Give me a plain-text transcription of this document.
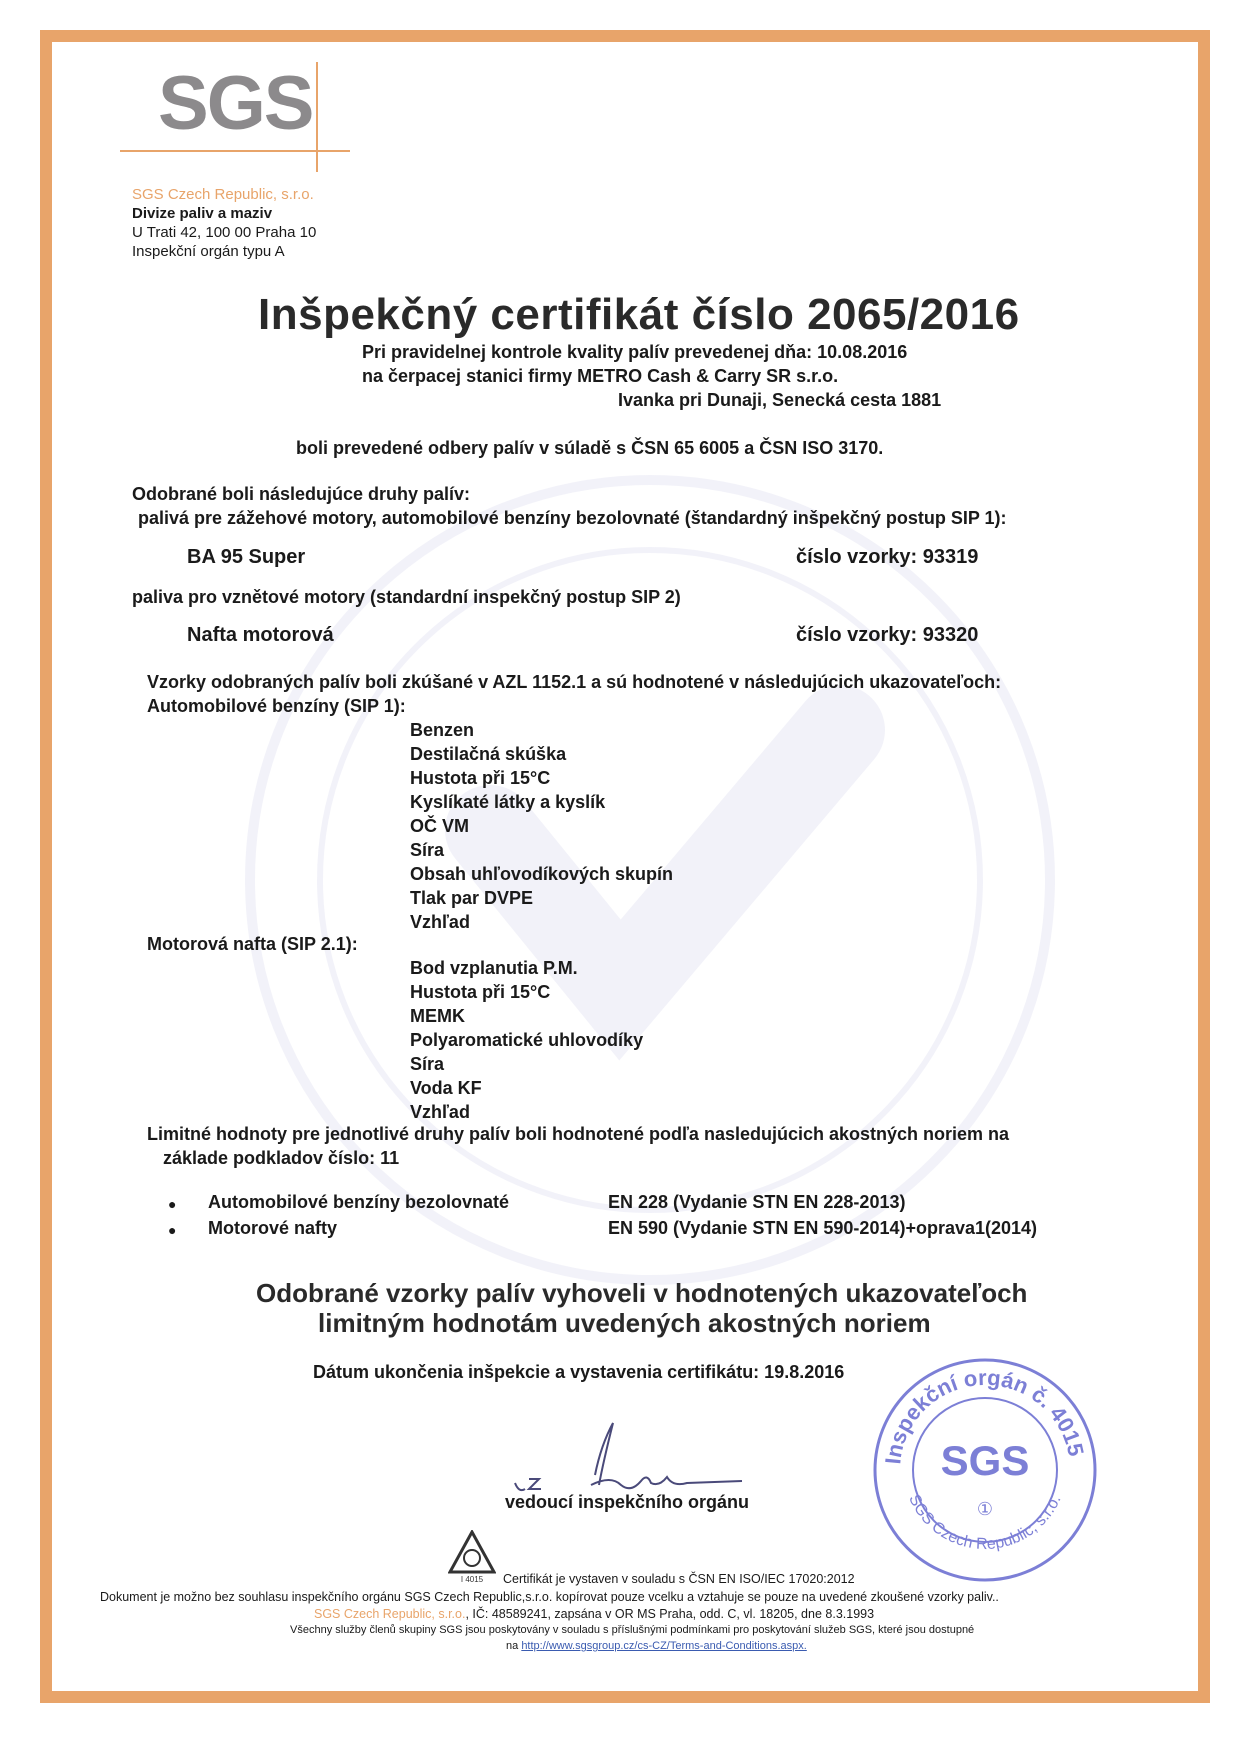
SGS
SGS Czech Republic, s.r.o.
Divize paliv a maziv
U Trati 42, 100 00 Praha 10
Inspekční orgán typu A
Inšpekčný certifikát číslo 2065/2016
Pri pravidelnej kontrole kvality palív prevedenej dňa: 10.08.2016
na čerpacej stanici firmy METRO Cash & Carry SR s.r.o.
Ivanka pri Dunaji, Senecká cesta 1881
boli prevedené odbery palív v súladě s ČSN 65 6005 a ČSN ISO 3170.
Odobrané boli následujúce druhy palív:
palivá pre zážehové motory, automobilové benzíny bezolovnaté (štandardný inšpekčný postup SIP 1):
BA 95 Super	číslo vzorky: 93319
paliva pro vznětové motory (standardní inspekčný postup SIP 2)
Nafta motorová	číslo vzorky: 93320
Vzorky odobraných palív boli zkúšané v AZL 1152.1 a sú hodnotené v následujúcich ukazovateľoch:
Automobilové benzíny (SIP 1):
Benzen
Destilačná skúška
Hustota při 15°C
Kyslíkaté látky a kyslík
OČ VM
Síra
Obsah uhľovodíkových skupín
Tlak par DVPE
Vzhľad
Motorová nafta (SIP 2.1):
Bod vzplanutia P.M.
Hustota při 15°C
MEMK
Polyaromatické uhlovodíky
Síra
Voda KF
Vzhľad
Limitné hodnoty pre jednotlivé druhy palív boli hodnotené podľa nasledujúcich akostných noriem na
základe podkladov číslo: 11
● Automobilové benzíny bezolovnaté	EN 228 (Vydanie STN EN 228-2013)
● Motorové nafty	EN 590 (Vydanie STN EN 590-2014)+oprava1(2014)
Odobrané vzorky palív vyhoveli v hodnotených ukazovateľoch
limitným hodnotám uvedených akostných noriem
Dátum ukončenia inšpekcie a vystavenia certifikátu: 19.8.2016
vedoucí inspekčního orgánu
Inspekční orgán č. 4015
SGS Czech Republic, s.r.o.
SGS
①
I 4015 Certifikát je vystaven v souladu s ČSN EN ISO/IEC 17020:2012
Dokument je možno bez souhlasu inspekčního orgánu SGS Czech Republic,s.r.o. kopírovat pouze vcelku a vztahuje se pouze na uvedené zkoušené vzorky paliv..
SGS Czech Republic, s.r.o., IČ: 48589241, zapsána v OR MS Praha, odd. C, vl. 18205, dne 8.3.1993
Všechny služby členů skupiny SGS jsou poskytovány v souladu s příslušnými podmínkami pro poskytování služeb SGS, které jsou dostupné
na http://www.sgsgroup.cz/cs-CZ/Terms-and-Conditions.aspx.
